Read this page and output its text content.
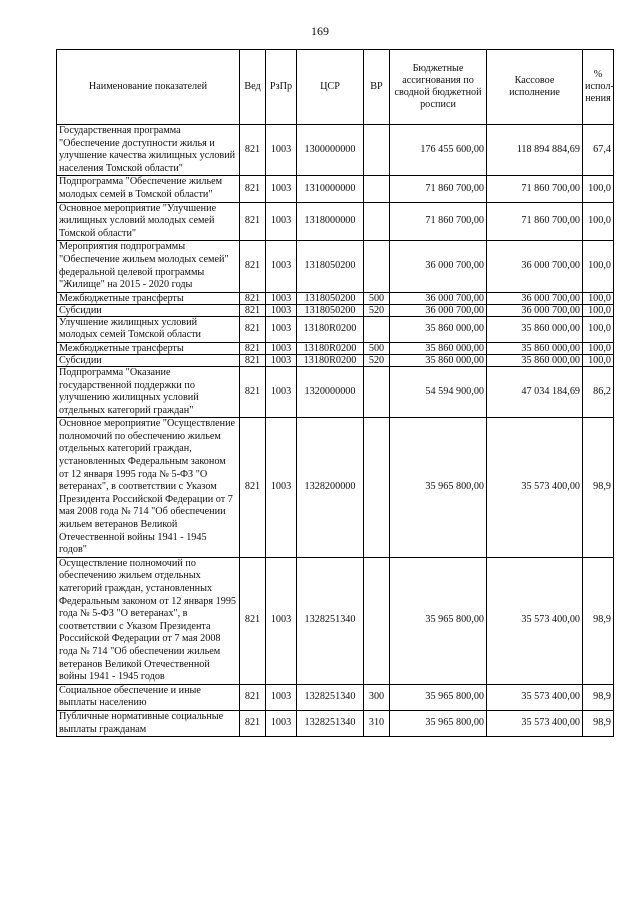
169
Наименование показателей	Вед	РзПр	ЦСР	ВР	Бюджетные ассигнования по сводной бюджетной росписи	Кассовое исполнение	% испол-нения
Государственная программа "Обеспечение доступности жилья и улучшение качества жилищных условий населения Томской области"	821	1003	1300000000		176 455 600,00	118 894 884,69	67,4
Подпрограмма "Обеспечение жильем молодых семей в Томской области"	821	1003	1310000000		71 860 700,00	71 860 700,00	100,0
Основное мероприятие "Улучшение жилищных условий молодых семей Томской области"	821	1003	1318000000		71 860 700,00	71 860 700,00	100,0
Мероприятия подпрограммы "Обеспечение жильем молодых семей" федеральной целевой программы "Жилище" на 2015 - 2020 годы	821	1003	1318050200		36 000 700,00	36 000 700,00	100,0
Межбюджетные трансферты	821	1003	1318050200	500	36 000 700,00	36 000 700,00	100,0
Субсидии	821	1003	1318050200	520	36 000 700,00	36 000 700,00	100,0
Улучшение жилищных условий молодых семей Томской области	821	1003	13180R0200		35 860 000,00	35 860 000,00	100,0
Межбюджетные трансферты	821	1003	13180R0200	500	35 860 000,00	35 860 000,00	100,0
Субсидии	821	1003	13180R0200	520	35 860 000,00	35 860 000,00	100,0
Подпрограмма "Оказание государственной поддержки по улучшению жилищных условий отдельных категорий граждан"	821	1003	1320000000		54 594 900,00	47 034 184,69	86,2
Основное мероприятие "Осуществление полномочий по обеспечению жильем отдельных категорий граждан, установленных Федеральным законом от 12 января 1995 года № 5-ФЗ "О ветеранах", в соответствии с Указом Президента Российской Федерации от 7 мая 2008 года № 714 "Об обеспечении жильем ветеранов Великой Отечественной войны 1941 - 1945 годов"	821	1003	1328200000		35 965 800,00	35 573 400,00	98,9
Осуществление полномочий по обеспечению жильем отдельных категорий граждан, установленных Федеральным законом от 12 января 1995 года № 5-ФЗ "О ветеранах", в соответствии с Указом Президента Российской Федерации от 7 мая 2008 года № 714 "Об обеспечении жильем ветеранов Великой Отечественной войны 1941 - 1945 годов	821	1003	1328251340		35 965 800,00	35 573 400,00	98,9
Социальное обеспечение и иные выплаты населению	821	1003	1328251340	300	35 965 800,00	35 573 400,00	98,9
Публичные нормативные социальные выплаты гражданам	821	1003	1328251340	310	35 965 800,00	35 573 400,00	98,9
